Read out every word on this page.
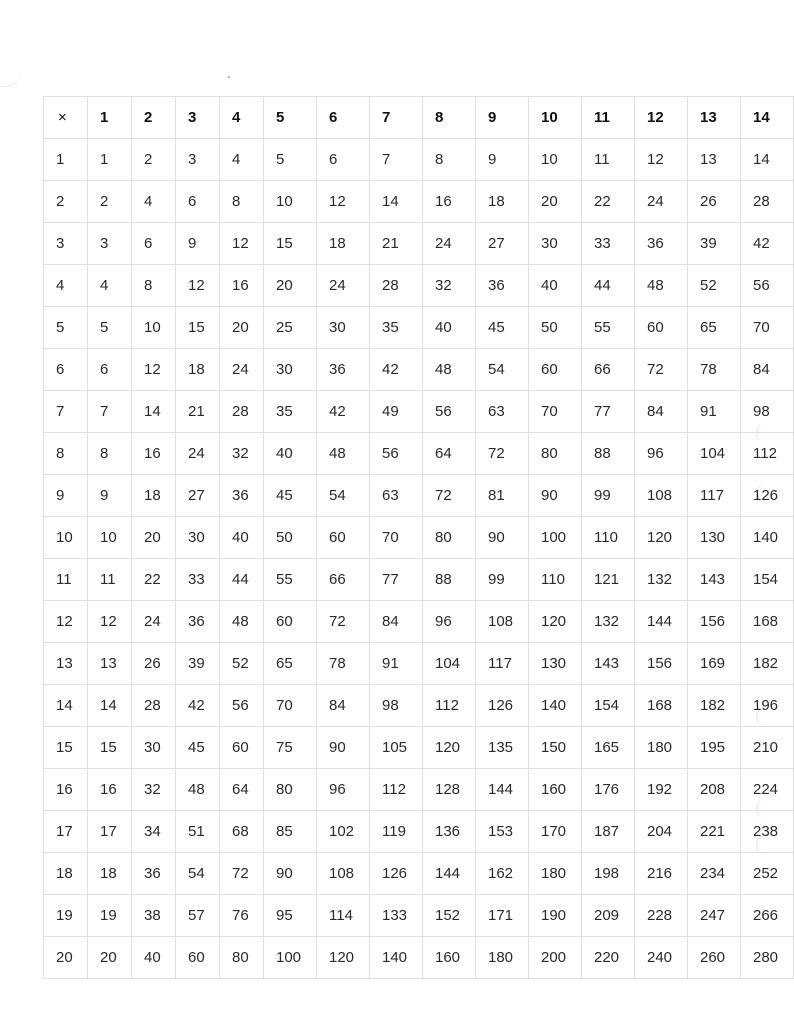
×	1	2	3	4	5	6	7	8	9	10	11	12	13	14
1	1	2	3	4	5	6	7	8	9	10	11	12	13	14
2	2	4	6	8	10	12	14	16	18	20	22	24	26	28
3	3	6	9	12	15	18	21	24	27	30	33	36	39	42
4	4	8	12	16	20	24	28	32	36	40	44	48	52	56
5	5	10	15	20	25	30	35	40	45	50	55	60	65	70
6	6	12	18	24	30	36	42	48	54	60	66	72	78	84
7	7	14	21	28	35	42	49	56	63	70	77	84	91	98
8	8	16	24	32	40	48	56	64	72	80	88	96	104	112
9	9	18	27	36	45	54	63	72	81	90	99	108	117	126
10	10	20	30	40	50	60	70	80	90	100	110	120	130	140
11	11	22	33	44	55	66	77	88	99	110	121	132	143	154
12	12	24	36	48	60	72	84	96	108	120	132	144	156	168
13	13	26	39	52	65	78	91	104	117	130	143	156	169	182
14	14	28	42	56	70	84	98	112	126	140	154	168	182	196
15	15	30	45	60	75	90	105	120	135	150	165	180	195	210
16	16	32	48	64	80	96	112	128	144	160	176	192	208	224
17	17	34	51	68	85	102	119	136	153	170	187	204	221	238
18	18	36	54	72	90	108	126	144	162	180	198	216	234	252
19	19	38	57	76	95	114	133	152	171	190	209	228	247	266
20	20	40	60	80	100	120	140	160	180	200	220	240	260	280
